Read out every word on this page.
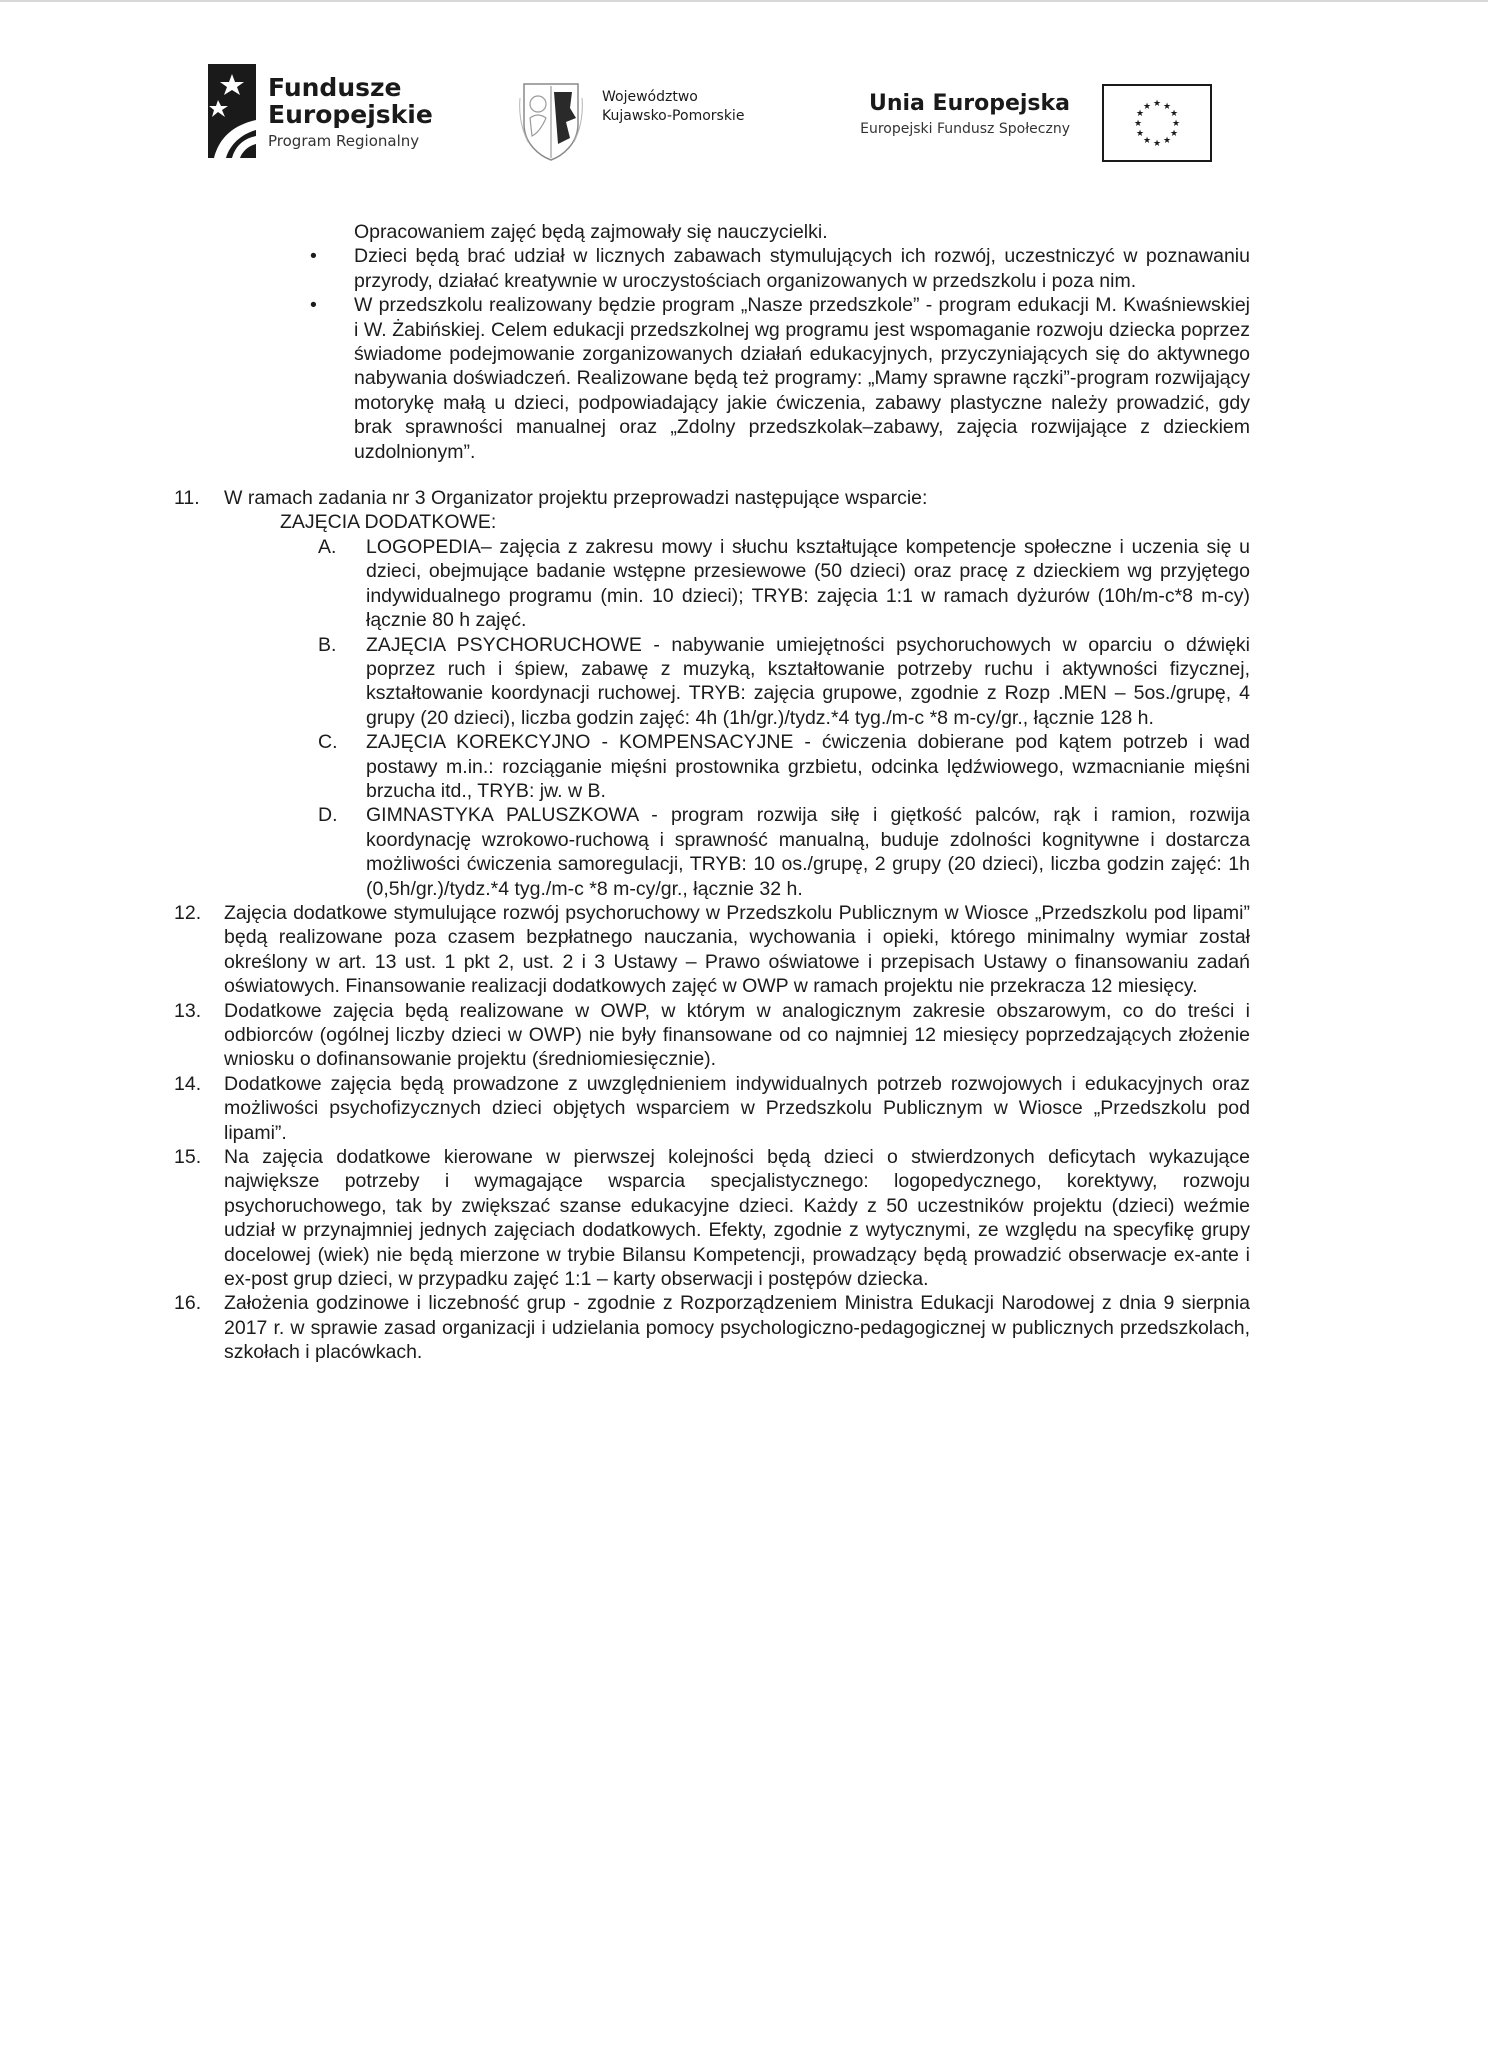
Fundusze
Europejskie
Program Regionalny
Województwo
Kujawsko-Pomorskie	Unia Europejska
Europejski Fundusz Społeczny
★ ★
★
★
★
★
★
★
★
★
★
★

Opracowaniem zajęć będą zajmowały się nauczycielki.

• Dzieci będą brać udział w licznych zabawach stymulujących ich rozwój, uczestniczyć w poznawaniu przyrody, działać kreatywnie w uroczystościach organizowanych w przedszkolu i poza nim.

• W przedszkolu realizowany będzie program „Nasze przedszkole” - program edukacji M. Kwaśniewskiej i W. Żabińskiej. Celem edukacji przedszkolnej wg programu jest wspomaganie rozwoju dziecka poprzez świadome podejmowanie zorganizowanych działań edukacyjnych, przyczyniających się do aktywnego nabywania doświadczeń. Realizowane będą też programy: „Mamy sprawne rączki”-program rozwijający motorykę małą u dzieci, podpowiadający jakie ćwiczenia, zabawy plastyczne należy prowadzić, gdy brak sprawności manualnej oraz „Zdolny przedszkolak–zabawy, zajęcia rozwijające z dzieckiem uzdolnionym”.

11. W ramach zadania nr 3 Organizator projektu przeprowadzi następujące wsparcie:

ZAJĘCIA DODATKOWE:

A. LOGOPEDIA– zajęcia z zakresu mowy i słuchu kształtujące kompetencje społeczne i uczenia się u dzieci, obejmujące badanie wstępne przesiewowe (50 dzieci) oraz pracę z dzieckiem wg przyjętego indywidualnego programu (min. 10 dzieci); TRYB: zajęcia 1:1 w ramach dyżurów (10h/m-c*8 m-cy) łącznie 80 h zajęć.

B. ZAJĘCIA PSYCHORUCHOWE - nabywanie umiejętności psychoruchowych w oparciu o dźwięki poprzez ruch i śpiew, zabawę z muzyką, kształtowanie potrzeby ruchu i aktywności fizycznej, kształtowanie koordynacji ruchowej. TRYB: zajęcia grupowe, zgodnie z Rozp .MEN – 5os./grupę, 4 grupy (20 dzieci), liczba godzin zajęć: 4h (1h/gr.)/tydz.*4 tyg./m-c *8 m-cy/gr., łącznie 128 h.

C. ZAJĘCIA KOREKCYJNO - KOMPENSACYJNE - ćwiczenia dobierane pod kątem potrzeb i wad postawy m.in.: rozciąganie mięśni prostownika grzbietu, odcinka lędźwiowego, wzmacnianie mięśni brzucha itd., TRYB: jw. w B.

D. GIMNASTYKA PALUSZKOWA - program rozwija siłę i giętkość palców, rąk i ramion, rozwija koordynację wzrokowo-ruchową i sprawność manualną, buduje zdolności kognitywne i dostarcza możliwości ćwiczenia samoregulacji, TRYB: 10 os./grupę, 2 grupy (20 dzieci), liczba godzin zajęć: 1h (0,5h/gr.)/tydz.*4 tyg./m-c *8 m-cy/gr., łącznie 32 h.

12. Zajęcia dodatkowe stymulujące rozwój psychoruchowy w Przedszkolu Publicznym w Wiosce „Przedszkolu pod lipami” będą realizowane poza czasem bezpłatnego nauczania, wychowania i opieki, którego minimalny wymiar został określony w art. 13 ust. 1 pkt 2, ust. 2 i 3 Ustawy – Prawo oświatowe i przepisach Ustawy o finansowaniu zadań oświatowych. Finansowanie realizacji dodatkowych zajęć w OWP w ramach projektu nie przekracza 12 miesięcy.

13. Dodatkowe zajęcia będą realizowane w OWP, w którym w analogicznym zakresie obszarowym, co do treści i odbiorców (ogólnej liczby dzieci w OWP) nie były finansowane od co najmniej 12 miesięcy poprzedzających złożenie wniosku o dofinansowanie projektu (średniomiesięcznie).

14. Dodatkowe zajęcia będą prowadzone z uwzględnieniem indywidualnych potrzeb rozwojowych i edukacyjnych oraz możliwości psychofizycznych dzieci objętych wsparciem w Przedszkolu Publicznym w Wiosce „Przedszkolu pod lipami”.

15. Na zajęcia dodatkowe kierowane w pierwszej kolejności będą dzieci o stwierdzonych deficytach wykazujące największe potrzeby i wymagające wsparcia specjalistycznego: logopedycznego, korektywy, rozwoju psychoruchowego, tak by zwiększać szanse edukacyjne dzieci. Każdy z 50 uczestników projektu (dzieci) weźmie udział w przynajmniej jednych zajęciach dodatkowych. Efekty, zgodnie z wytycznymi, ze względu na specyfikę grupy docelowej (wiek) nie będą mierzone w trybie Bilansu Kompetencji, prowadzący będą prowadzić obserwacje ex-ante i ex-post grup dzieci, w przypadku zajęć 1:1 – karty obserwacji i postępów dziecka.

16. Założenia godzinowe i liczebność grup - zgodnie z Rozporządzeniem Ministra Edukacji Narodowej z dnia 9 sierpnia 2017 r. w sprawie zasad organizacji i udzielania pomocy psychologiczno-pedagogicznej w publicznych przedszkolach, szkołach i placówkach.
